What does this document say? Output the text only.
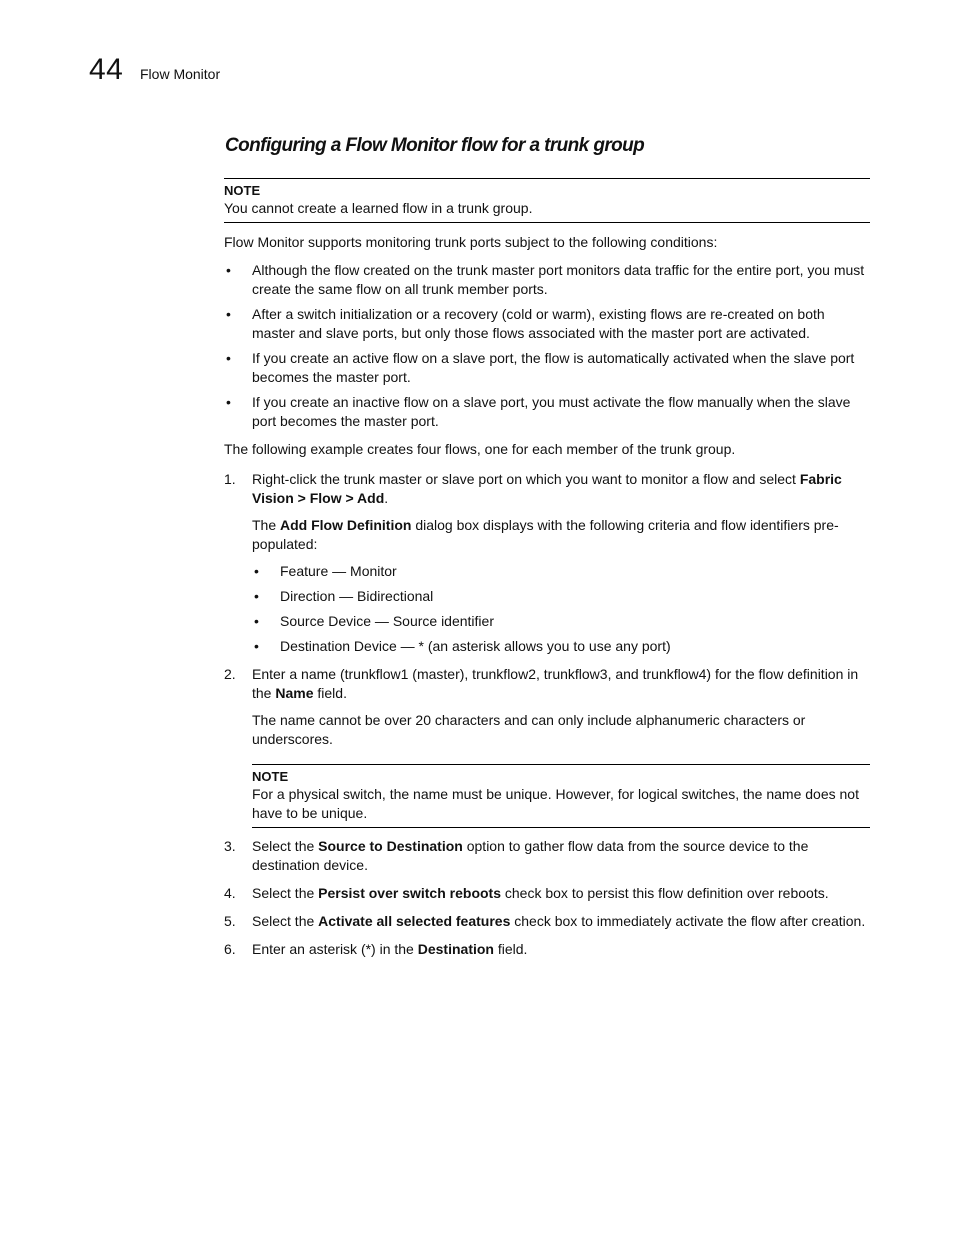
44 Flow Monitor
Configuring a Flow Monitor flow for a trunk group
NOTE
You cannot create a learned flow in a trunk group.

Flow Monitor supports monitoring trunk ports subject to the following conditions:

• Although the flow created on the trunk master port monitors data traffic for the entire port, you must create the same flow on all trunk member ports.
• After a switch initialization or a recovery (cold or warm), existing flows are re-created on both master and slave ports, but only those flows associated with the master port are activated.
• If you create an active flow on a slave port, the flow is automatically activated when the slave port becomes the master port.
• If you create an inactive flow on a slave port, you must activate the flow manually when the slave port becomes the master port.

The following example creates four flows, one for each member of the trunk group.

1. Right-click the trunk master or slave port on which you want to monitor a flow and select Fabric Vision > Flow > Add.

The Add Flow Definition dialog box displays with the following criteria and flow identifiers pre-populated:

• Feature — Monitor
• Direction — Bidirectional
• Source Device — Source identifier
• Destination Device — * (an asterisk allows you to use any port)
2. Enter a name (trunkflow1 (master), trunkflow2, trunkflow3, and trunkflow4) for the flow definition in the Name field.

The name cannot be over 20 characters and can only include alphanumeric characters or underscores.

NOTE
For a physical switch, the name must be unique. However, for logical switches, the name does not have to be unique.
3. Select the Source to Destination option to gather flow data from the source device to the destination device.

4. Select the Persist over switch reboots check box to persist this flow definition over reboots.

5. Select the Activate all selected features check box to immediately activate the flow after creation.

6. Enter an asterisk (*) in the Destination field.
